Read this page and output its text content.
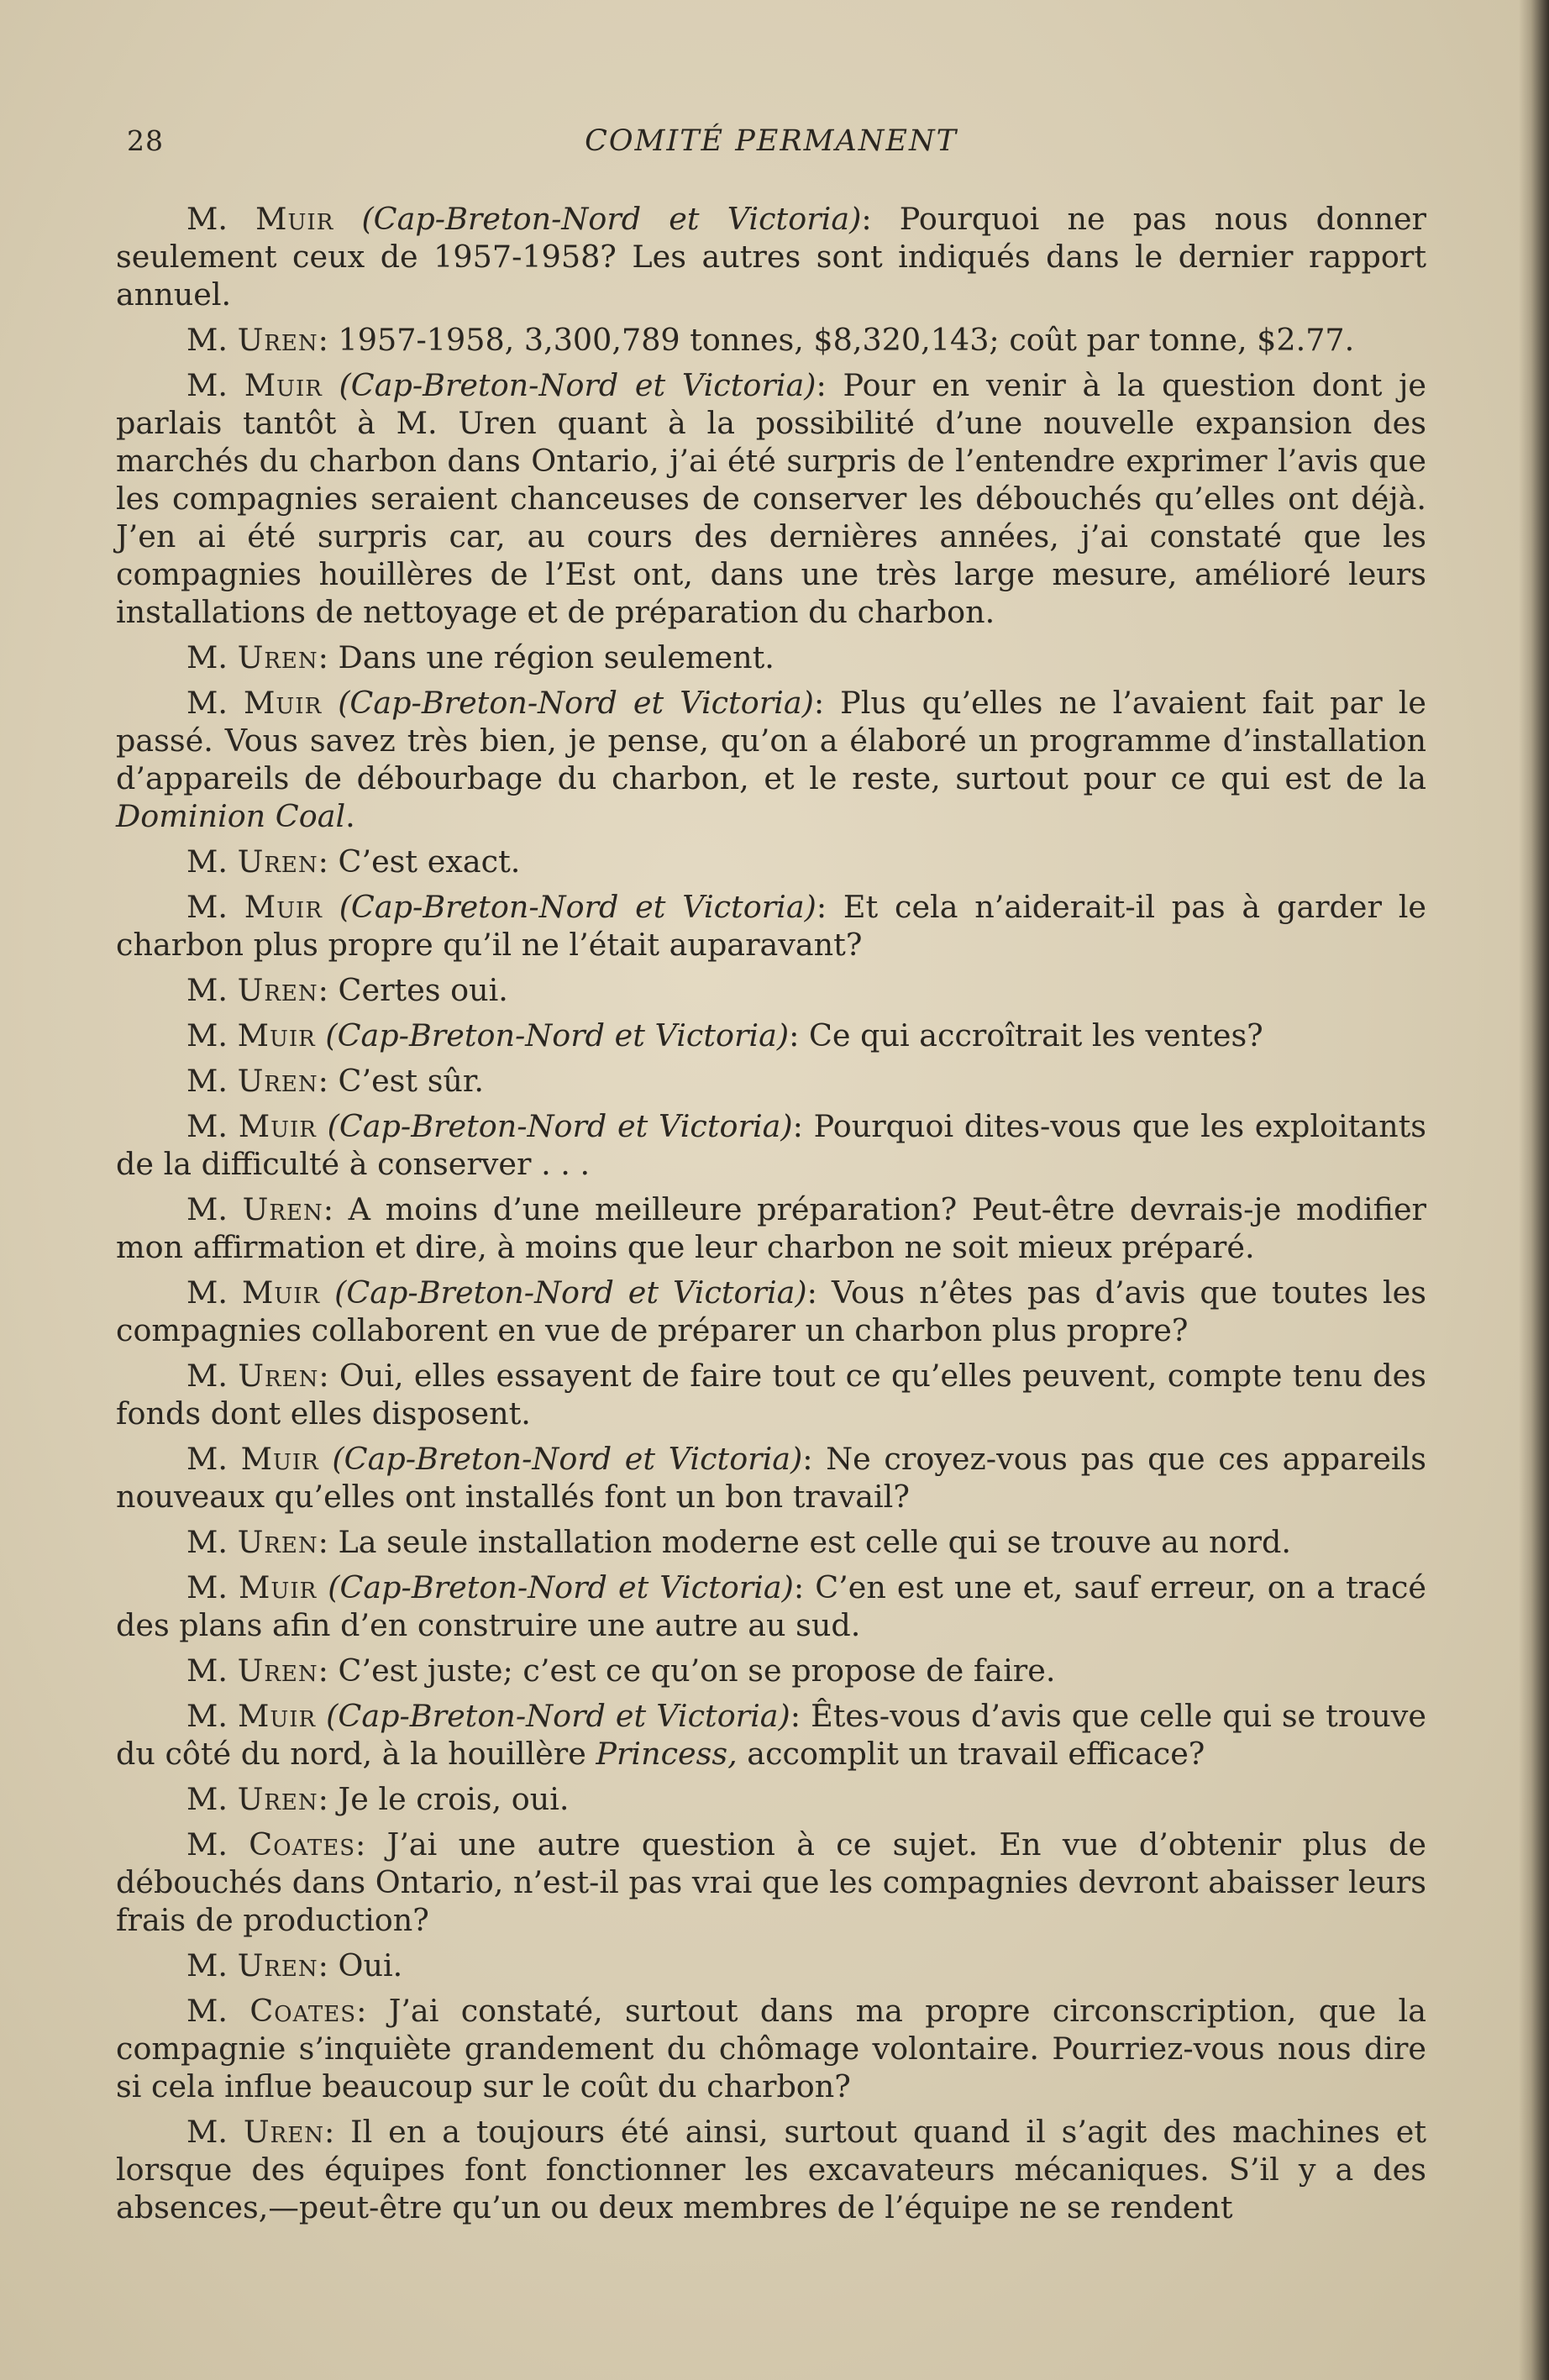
28	COMITÉ PERMANENT

M. Muir (Cap-Breton-Nord et Victoria): Pourquoi ne pas nous donner seulement ceux de 1957-1958? Les autres sont indiqués dans le dernier rapport annuel.

M. Uren: 1957-1958, 3,300,789 tonnes, $8,320,143; coût par tonne, $2.77.

M. Muir (Cap-Breton-Nord et Victoria): Pour en venir à la question dont je parlais tantôt à M. Uren quant à la possibilité d’une nouvelle expansion des marchés du charbon dans Ontario, j’ai été surpris de l’entendre exprimer l’avis que les compagnies seraient chanceuses de conserver les débouchés qu’elles ont déjà. J’en ai été surpris car, au cours des dernières années, j’ai constaté que les compagnies houillères de l’Est ont, dans une très large mesure, amélioré leurs installations de nettoyage et de préparation du charbon.

M. Uren: Dans une région seulement.

M. Muir (Cap-Breton-Nord et Victoria): Plus qu’elles ne l’avaient fait par le passé. Vous savez très bien, je pense, qu’on a élaboré un programme d’installation d’appareils de débourbage du charbon, et le reste, surtout pour ce qui est de la Dominion Coal.

M. Uren: C’est exact.

M. Muir (Cap-Breton-Nord et Victoria): Et cela n’aiderait-il pas à garder le charbon plus propre qu’il ne l’était auparavant?

M. Uren: Certes oui.

M. Muir (Cap-Breton-Nord et Victoria): Ce qui accroîtrait les ventes?

M. Uren: C’est sûr.

M. Muir (Cap-Breton-Nord et Victoria): Pourquoi dites-vous que les exploitants de la difficulté à conserver . . .

M. Uren: A moins d’une meilleure préparation? Peut-être devrais-je modifier mon affirmation et dire, à moins que leur charbon ne soit mieux préparé.

M. Muir (Cap-Breton-Nord et Victoria): Vous n’êtes pas d’avis que toutes les compagnies collaborent en vue de préparer un charbon plus propre?

M. Uren: Oui, elles essayent de faire tout ce qu’elles peuvent, compte tenu des fonds dont elles disposent.

M. Muir (Cap-Breton-Nord et Victoria): Ne croyez-vous pas que ces appareils nouveaux qu’elles ont installés font un bon travail?

M. Uren: La seule installation moderne est celle qui se trouve au nord.

M. Muir (Cap-Breton-Nord et Victoria): C’en est une et, sauf erreur, on a tracé des plans afin d’en construire une autre au sud.

M. Uren: C’est juste; c’est ce qu’on se propose de faire.

M. Muir (Cap-Breton-Nord et Victoria): Êtes-vous d’avis que celle qui se trouve du côté du nord, à la houillère Princess, accomplit un travail efficace?

M. Uren: Je le crois, oui.

M. Coates: J’ai une autre question à ce sujet. En vue d’obtenir plus de débouchés dans Ontario, n’est-il pas vrai que les compagnies devront abaisser leurs frais de production?

M. Uren: Oui.

M. Coates: J’ai constaté, surtout dans ma propre circonscription, que la compagnie s’inquiète grandement du chômage volontaire. Pourriez-vous nous dire si cela influe beaucoup sur le coût du charbon?

M. Uren: Il en a toujours été ainsi, surtout quand il s’agit des machines et lorsque des équipes font fonctionner les excavateurs mécaniques. S’il y a des absences,—peut-être qu’un ou deux membres de l’équipe ne se rendent
